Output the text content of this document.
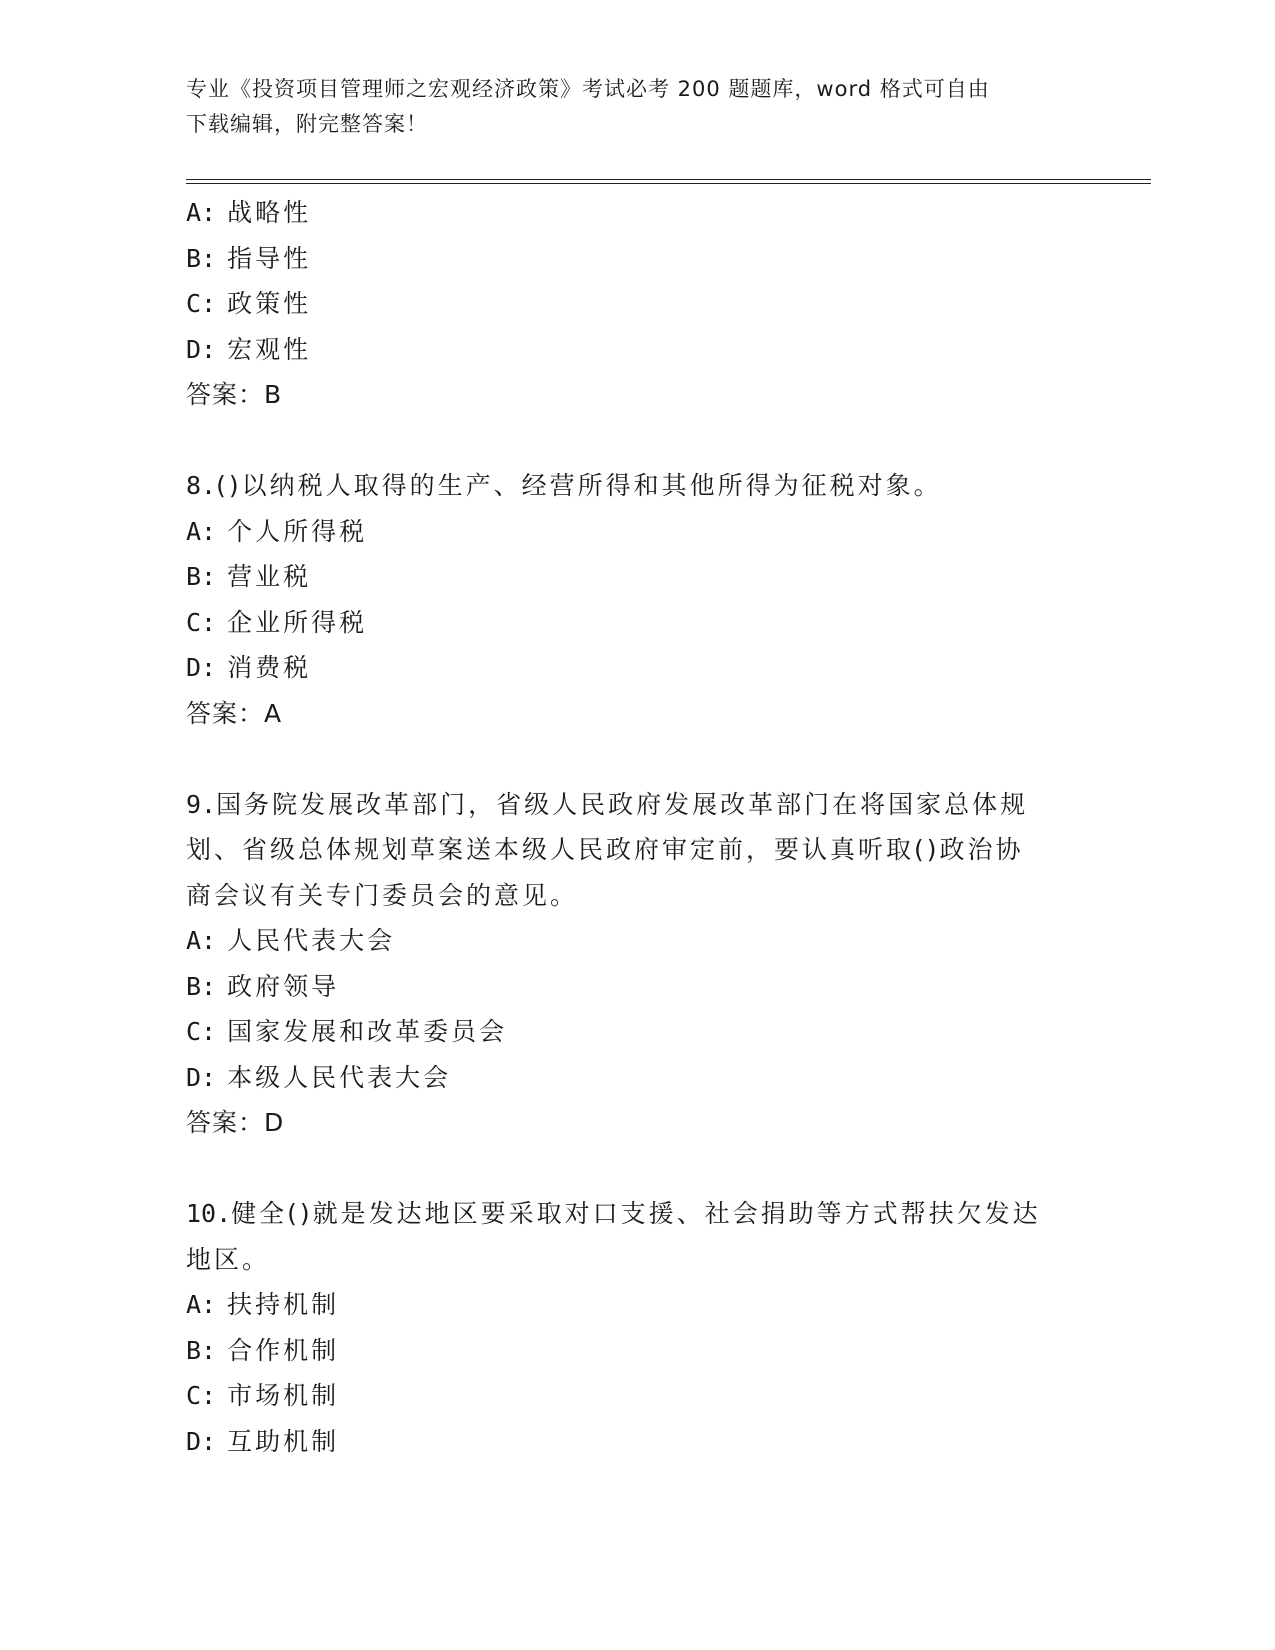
专业《投资项目管理师之宏观经济政策》考试必考 200 题题库，word 格式可自由
下载编辑，附完整答案！
A: 战略性
B: 指导性
C: 政策性
D: 宏观性
答案：B
8.()以纳税人取得的生产、经营所得和其他所得为征税对象。
A: 个人所得税
B: 营业税
C: 企业所得税
D: 消费税
答案：A
9.国务院发展改革部门，省级人民政府发展改革部门在将国家总体规
划、省级总体规划草案送本级人民政府审定前，要认真听取()政治协
商会议有关专门委员会的意见。
A: 人民代表大会
B: 政府领导
C: 国家发展和改革委员会
D: 本级人民代表大会
答案：D
10.健全()就是发达地区要采取对口支援、社会捐助等方式帮扶欠发达
地区。
A: 扶持机制
B: 合作机制
C: 市场机制
D: 互助机制
